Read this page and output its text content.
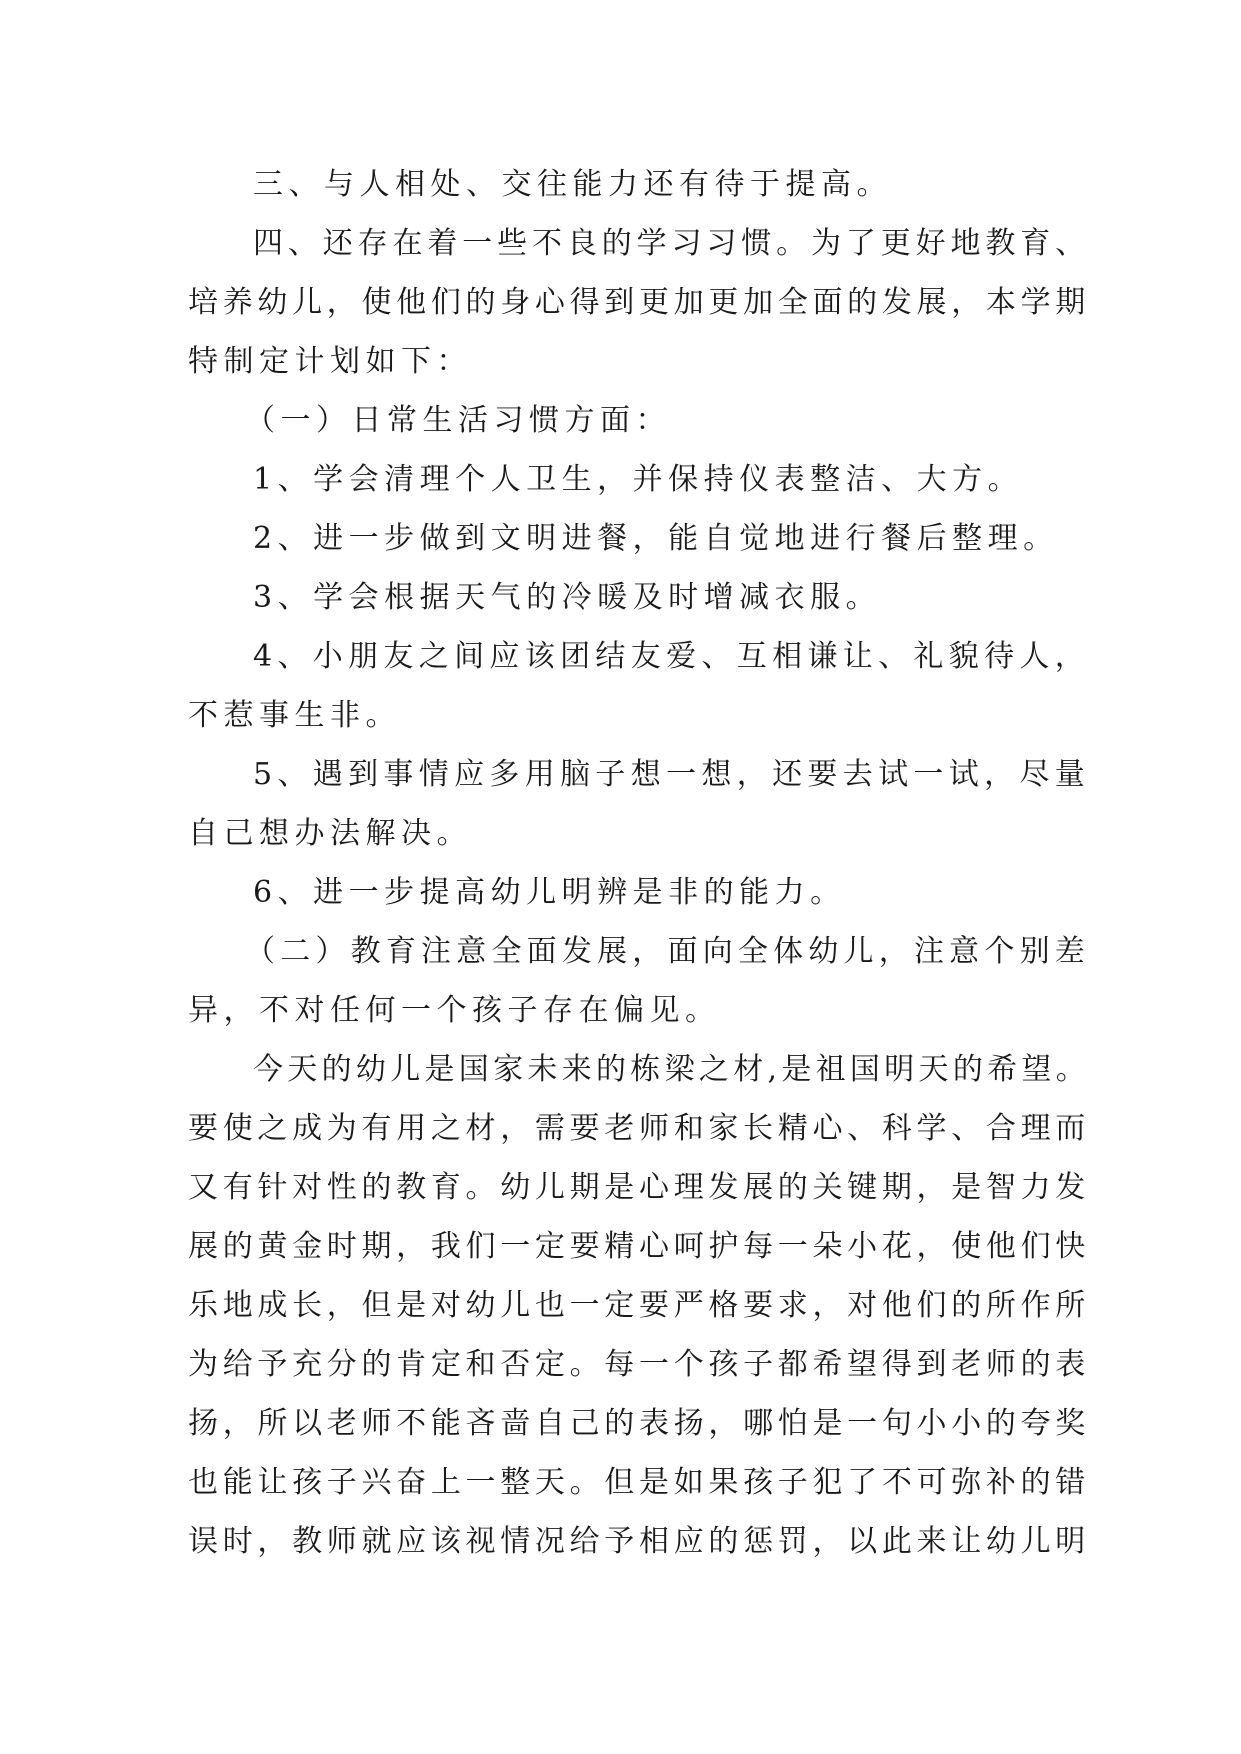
三、与人相处、交往能力还有待于提高。
四、还存在着一些不良的学习习惯。为了更好地教育、
培养幼儿，使他们的身心得到更加更加全面的发展，本学期
特制定计划如下：
（一）日常生活习惯方面：
1、学会清理个人卫生，并保持仪表整洁、大方。
2、进一步做到文明进餐，能自觉地进行餐后整理。
3、学会根据天气的冷暖及时增减衣服。
4、小朋友之间应该团结友爱、互相谦让、礼貌待人，
不惹事生非。
5、遇到事情应多用脑子想一想，还要去试一试，尽量
自己想办法解决。
6、进一步提高幼儿明辨是非的能力。
（二）教育注意全面发展，面向全体幼儿，注意个别差
异，不对任何一个孩子存在偏见。
今天的幼儿是国家未来的栋梁之材,是祖国明天的希望。
要使之成为有用之材，需要老师和家长精心、科学、合理而
又有针对性的教育。幼儿期是心理发展的关键期，是智力发
展的黄金时期，我们一定要精心呵护每一朵小花，使他们快
乐地成长，但是对幼儿也一定要严格要求，对他们的所作所
为给予充分的肯定和否定。每一个孩子都希望得到老师的表
扬，所以老师不能吝啬自己的表扬，哪怕是一句小小的夸奖
也能让孩子兴奋上一整天。但是如果孩子犯了不可弥补的错
误时，教师就应该视情况给予相应的惩罚，以此来让幼儿明
